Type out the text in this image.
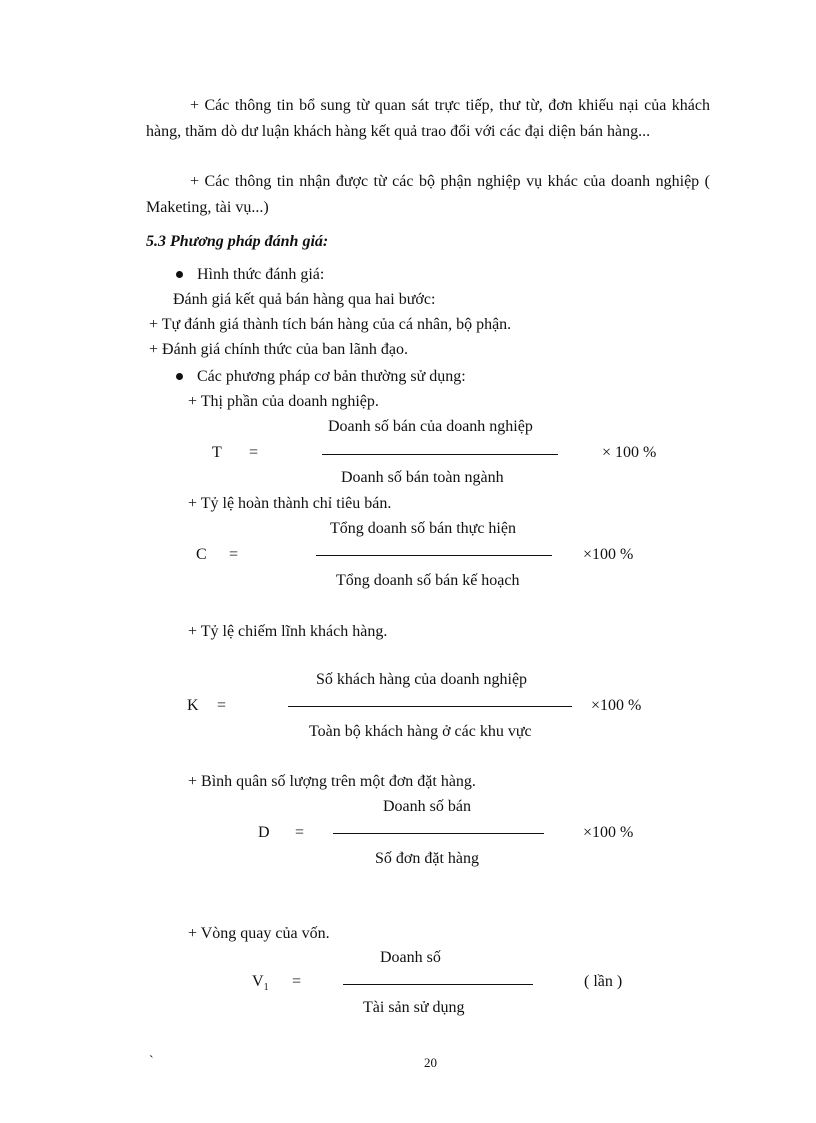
+ Các thông tin bổ sung từ quan sát trực tiếp, thư từ, đơn khiếu nại của khách hàng, thăm dò dư luận khách hàng kết quả trao đổi với các đại diện bán hàng...
+ Các thông tin nhận được từ các bộ phận nghiệp vụ khác của doanh nghiệp ( Maketing, tài vụ...)
5.3 Phương pháp đánh giá:
Hình thức đánh giá:
Đánh giá kết quả bán hàng qua hai bước:
+ Tự đánh giá thành tích bán hàng của cá nhân, bộ phận.
+ Đánh giá chính thức của ban lãnh đạo.
Các phương pháp cơ bản thường sử dụng:
+ Thị phần của doanh nghiệp.
Doanh số bán của doanh nghiệp
T =	× 100 %
Doanh số bán toàn ngành
+ Tỷ lệ hoàn thành chỉ tiêu bán.
Tổng doanh số bán thực hiện
C =	×100 %
Tổng doanh số bán kế hoạch
+ Tỷ lệ chiếm lĩnh khách hàng.
Số khách hàng của doanh nghiệp
K =	×100 %
Toàn bộ khách hàng ở các khu vực
+ Bình quân số lượng trên một đơn đặt hàng.
Doanh số bán
D =	×100 %
Số đơn đặt hàng
+ Vòng quay của vốn.
Doanh số
$V_1$ =	( lần )
Tài sản sử dụng
`	20
